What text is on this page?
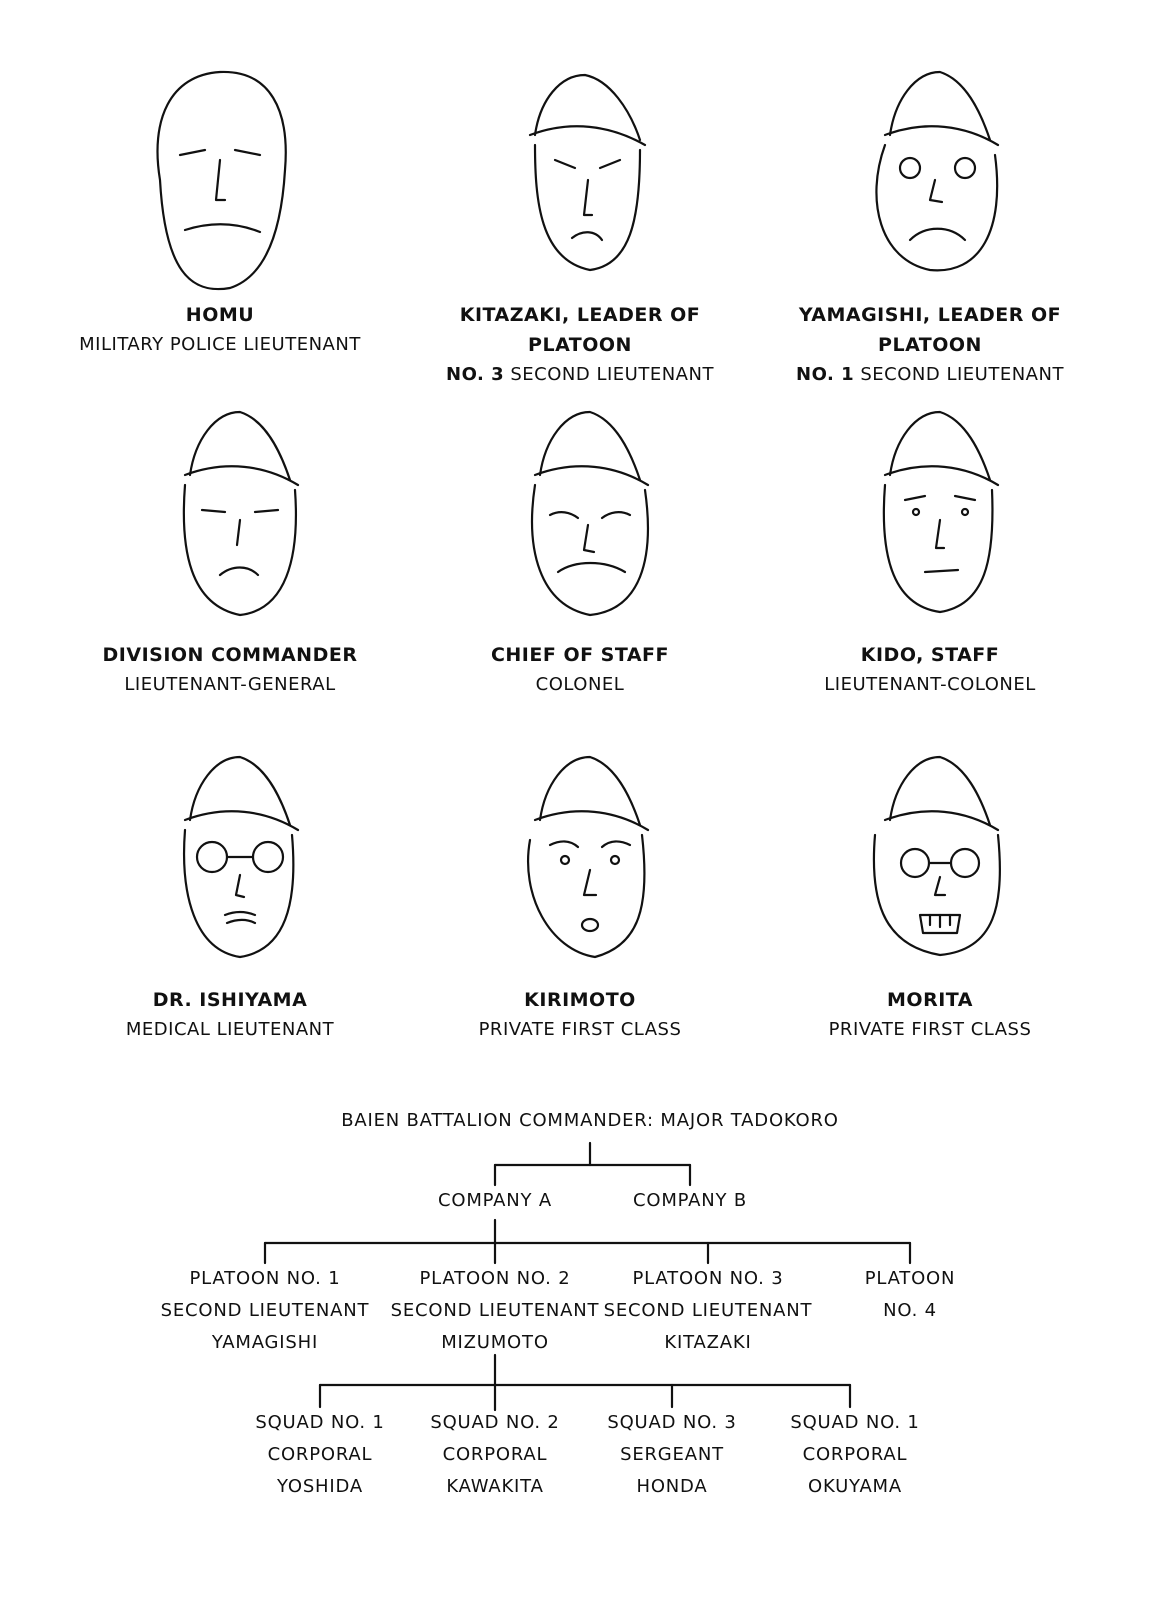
HOMU
MILITARY POLICE LIEUTENANT
KITAZAKI, LEADER OF PLATOON
NO. 3 SECOND LIEUTENANT
YAMAGISHI, LEADER OF PLATOON
NO. 1 SECOND LIEUTENANT
DIVISION COMMANDER
LIEUTENANT-GENERAL
CHIEF OF STAFF
COLONEL
KIDO, STAFF
LIEUTENANT-COLONEL
DR. ISHIYAMA
MEDICAL LIEUTENANT
KIRIMOTO
PRIVATE FIRST CLASS
MORITA
PRIVATE FIRST CLASS
BAIEN BATTALION COMMANDER: MAJOR TADOKORO
COMPANY A	COMPANY B
PLATOON NO. 1
SECOND LIEUTENANT
YAMAGISHI
PLATOON NO. 2
SECOND LIEUTENANT
MIZUMOTO
PLATOON NO. 3
SECOND LIEUTENANT
KITAZAKI
PLATOON
NO. 4
SQUAD NO. 1
CORPORAL
YOSHIDA
SQUAD NO. 2
CORPORAL
KAWAKITA
SQUAD NO. 3
SERGEANT
HONDA
SQUAD NO. 1
CORPORAL
OKUYAMA
